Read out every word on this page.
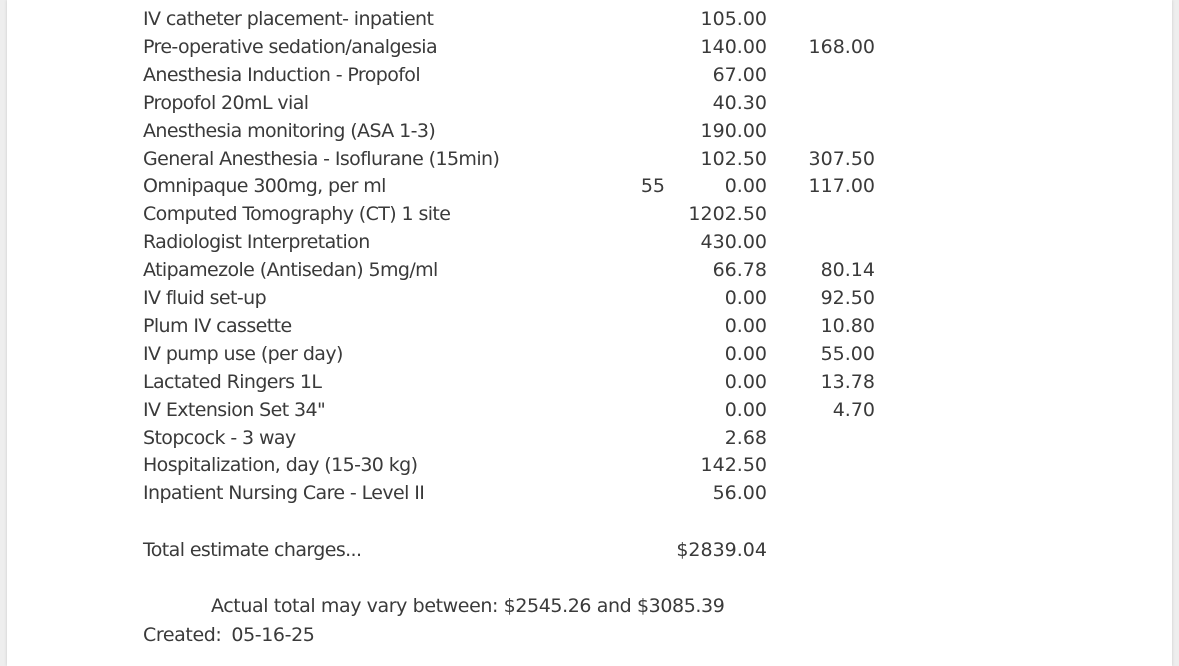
IV catheter placement- inpatient	105.00
Pre-operative sedation/analgesia	140.00 168.00
Anesthesia Induction - Propofol	67.00
Propofol 20mL vial	40.30
Anesthesia monitoring (ASA 1-3)	190.00
General Anesthesia - Isoflurane (15min)	102.50 307.50
Omnipaque 300mg, per ml	55	0.00 117.00
Computed Tomography (CT) 1 site	1202.50
Radiologist Interpretation	430.00
Atipamezole (Antisedan) 5mg/ml	66.78	80.14
IV fluid set-up	0.00	92.50
Plum IV cassette	0.00	10.80
IV pump use (per day)	0.00	55.00
Lactated Ringers 1L	0.00	13.78
IV Extension Set 34"	0.00	4.70
Stopcock - 3 way	2.68
Hospitalization, day (15-30 kg)	142.50
Inpatient Nursing Care - Level II	56.00
Total estimate charges...	$2839.04
Actual total may vary between: $2545.26 and $3085.39
Created: 05-16-25
